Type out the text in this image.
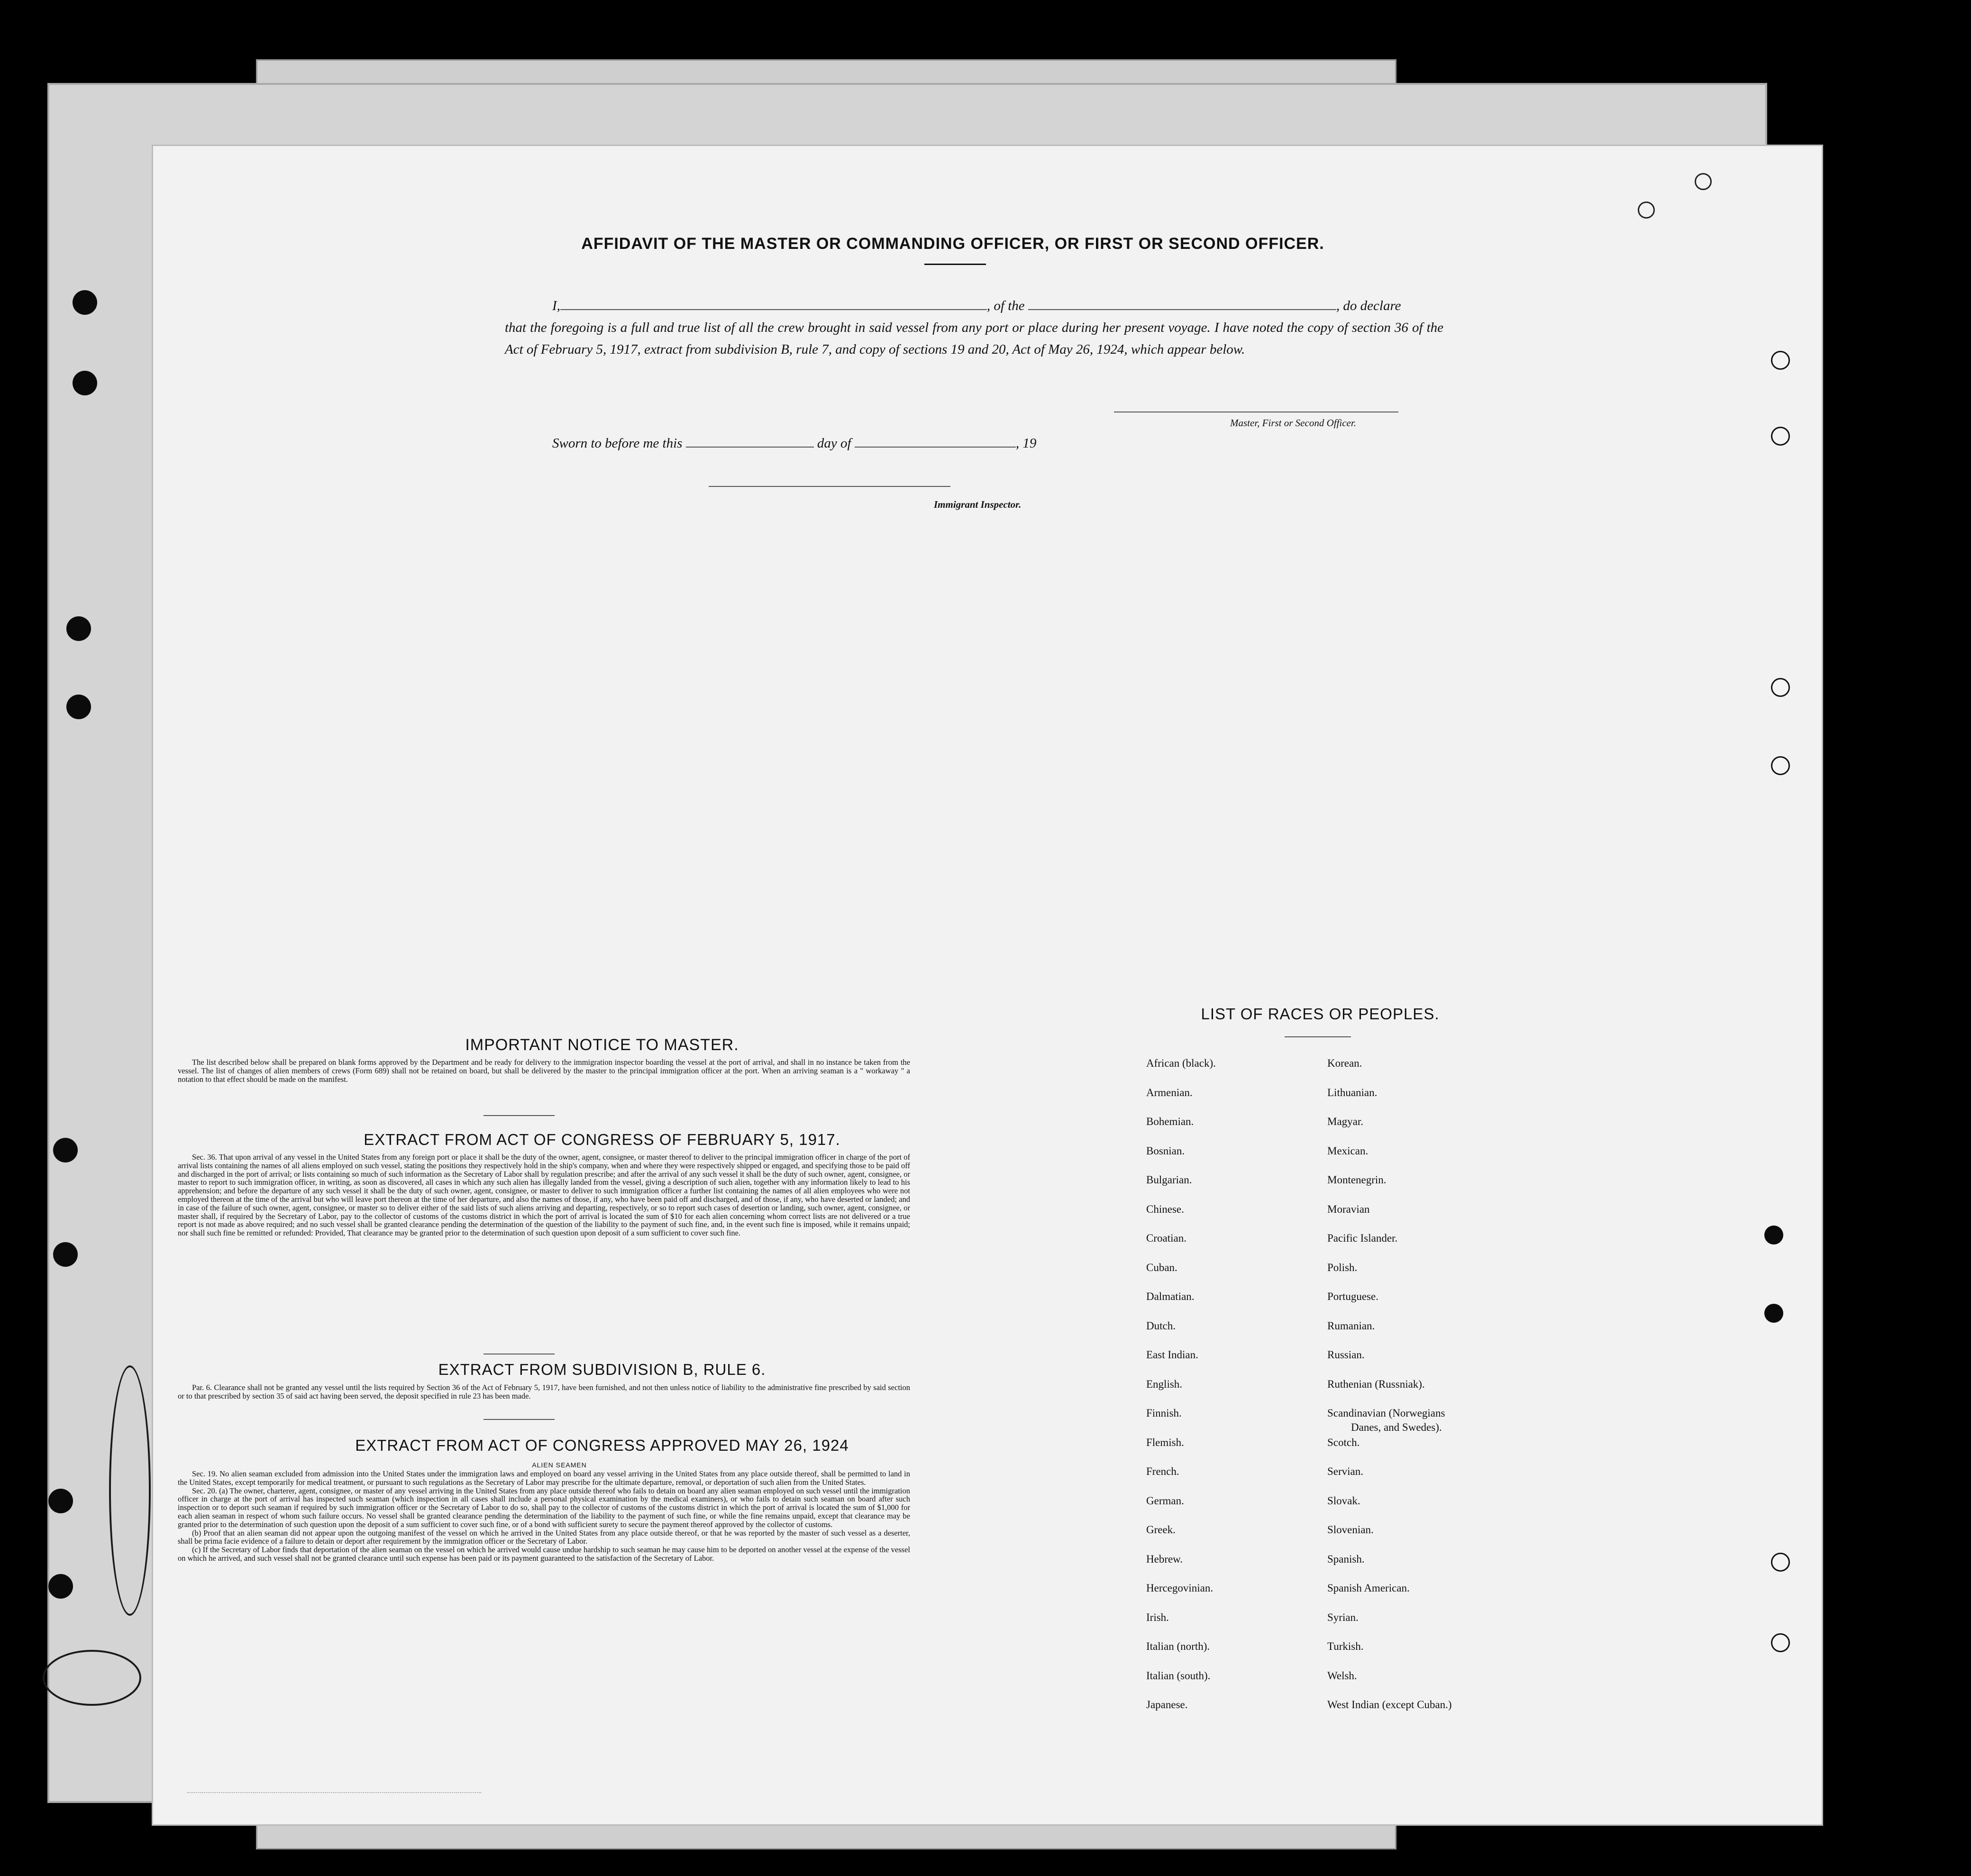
AFFIDAVIT OF THE MASTER OR COMMANDING OFFICER, OR FIRST OR SECOND OFFICER.
I,	, of the	, do declare
that the foregoing is a full and true list of all the crew brought in said vessel from any port or place during her present voyage. I have noted the copy of section 36 of the Act of February 5, 1917, extract from subdivision B, rule 7, and copy of sections 19 and 20, Act of May 26, 1924, which appear below.
Master, First or Second Officer.
Sworn to before me this	day of	, 19
Immigrant Inspector.
IMPORTANT NOTICE TO MASTER.

The list described below shall be prepared on blank forms approved by the Department and be ready for delivery to the immigration inspector boarding the vessel at the port of arrival, and shall in no instance be taken from the vessel. The list of changes of alien members of crews (Form 689) shall not be retained on board, but shall be delivered by the master to the principal immigration officer at the port. When an arriving seaman is a " workaway " a notation to that effect should be made on the manifest.

EXTRACT FROM ACT OF CONGRESS OF FEBRUARY 5, 1917.

Sec. 36. That upon arrival of any vessel in the United States from any foreign port or place it shall be the duty of the owner, agent, consignee, or master thereof to deliver to the principal immigration officer in charge of the port of arrival lists containing the names of all aliens employed on such vessel, stating the positions they respectively hold in the ship's company, when and where they were respectively shipped or engaged, and specifying those to be paid off and discharged in the port of arrival; or lists containing so much of such information as the Secretary of Labor shall by regulation prescribe; and after the arrival of any such vessel it shall be the duty of such owner, agent, consignee, or master to report to such immigration officer, in writing, as soon as discovered, all cases in which any such alien has illegally landed from the vessel, giving a description of such alien, together with any information likely to lead to his apprehension; and before the departure of any such vessel it shall be the duty of such owner, agent, consignee, or master to deliver to such immigration officer a further list containing the names of all alien employees who were not employed thereon at the time of the arrival but who will leave port thereon at the time of her departure, and also the names of those, if any, who have been paid off and discharged, and of those, if any, who have deserted or landed; and in case of the failure of such owner, agent, consignee, or master so to deliver either of the said lists of such aliens arriving and departing, respectively, or so to report such cases of desertion or landing, such owner, agent, consignee, or master shall, if required by the Secretary of Labor, pay to the collector of customs of the customs district in which the port of arrival is located the sum of $10 for each alien concerning whom correct lists are not delivered or a true report is not made as above required; and no such vessel shall be granted clearance pending the determination of the question of the liability to the payment of such fine, and, in the event such fine is imposed, while it remains unpaid; nor shall such fine be remitted or refunded: Provided, That clearance may be granted prior to the determination of such question upon deposit of a sum sufficient to cover such fine.

EXTRACT FROM SUBDIVISION B, RULE 6.

Par. 6. Clearance shall not be granted any vessel until the lists required by Section 36 of the Act of February 5, 1917, have been furnished, and not then unless notice of liability to the administrative fine prescribed by said section or to that prescribed by section 35 of said act having been served, the deposit specified in rule 23 has been made.

EXTRACT FROM ACT OF CONGRESS APPROVED MAY 26, 1924
ALIEN SEAMEN

Sec. 19. No alien seaman excluded from admission into the United States under the immigration laws and employed on board any vessel arriving in the United States from any place outside thereof, shall be permitted to land in the United States, except temporarily for medical treatment, or pursuant to such regulations as the Secretary of Labor may prescribe for the ultimate departure, removal, or deportation of such alien from the United States.

Sec. 20. (a) The owner, charterer, agent, consignee, or master of any vessel arriving in the United States from any place outside thereof who fails to detain on board any alien seaman employed on such vessel until the immigration officer in charge at the port of arrival has inspected such seaman (which inspection in all cases shall include a personal physical examination by the medical examiners), or who fails to detain such seaman on board after such inspection or to deport such seaman if required by such immigration officer or the Secretary of Labor to do so, shall pay to the collector of customs of the customs district in which the port of arrival is located the sum of $1,000 for each alien seaman in respect of whom such failure occurs. No vessel shall be granted clearance pending the determination of the liability to the payment of such fine, or while the fine remains unpaid, except that clearance may be granted prior to the determination of such question upon the deposit of a sum sufficient to cover such fine, or of a bond with sufficient surety to secure the payment thereof approved by the collector of customs.

(b) Proof that an alien seaman did not appear upon the outgoing manifest of the vessel on which he arrived in the United States from any place outside thereof, or that he was reported by the master of such vessel as a deserter, shall be prima facie evidence of a failure to detain or deport after requirement by the immigration officer or the Secretary of Labor.

(c) If the Secretary of Labor finds that deportation of the alien seaman on the vessel on which he arrived would cause undue hardship to such seaman he may cause him to be deported on another vessel at the expense of the vessel on which he arrived, and such vessel shall not be granted clearance until such expense has been paid or its payment guaranteed to the satisfaction of the Secretary of Labor.

LIST OF RACES OR PEOPLES.
African (black).
Armenian.
Bohemian.
Bosnian.
Bulgarian.
Chinese.
Croatian.
Cuban.
Dalmatian.
Dutch.
East Indian.
English.
Finnish.
Flemish.
French.
German.
Greek.
Hebrew.
Hercegovinian.
Irish.
Italian (north).
Italian (south).
Japanese.
Korean.
Lithuanian.
Magyar.
Mexican.
Montenegrin.
Moravian
Pacific Islander.
Polish.
Portuguese.
Rumanian.
Russian.
Ruthenian (Russniak).
Scandinavian (Norwegians
Danes, and Swedes).
Scotch.
Servian.
Slovak.
Slovenian.
Spanish.
Spanish American.
Syrian.
Turkish.
Welsh.
West Indian (except Cuban.)
